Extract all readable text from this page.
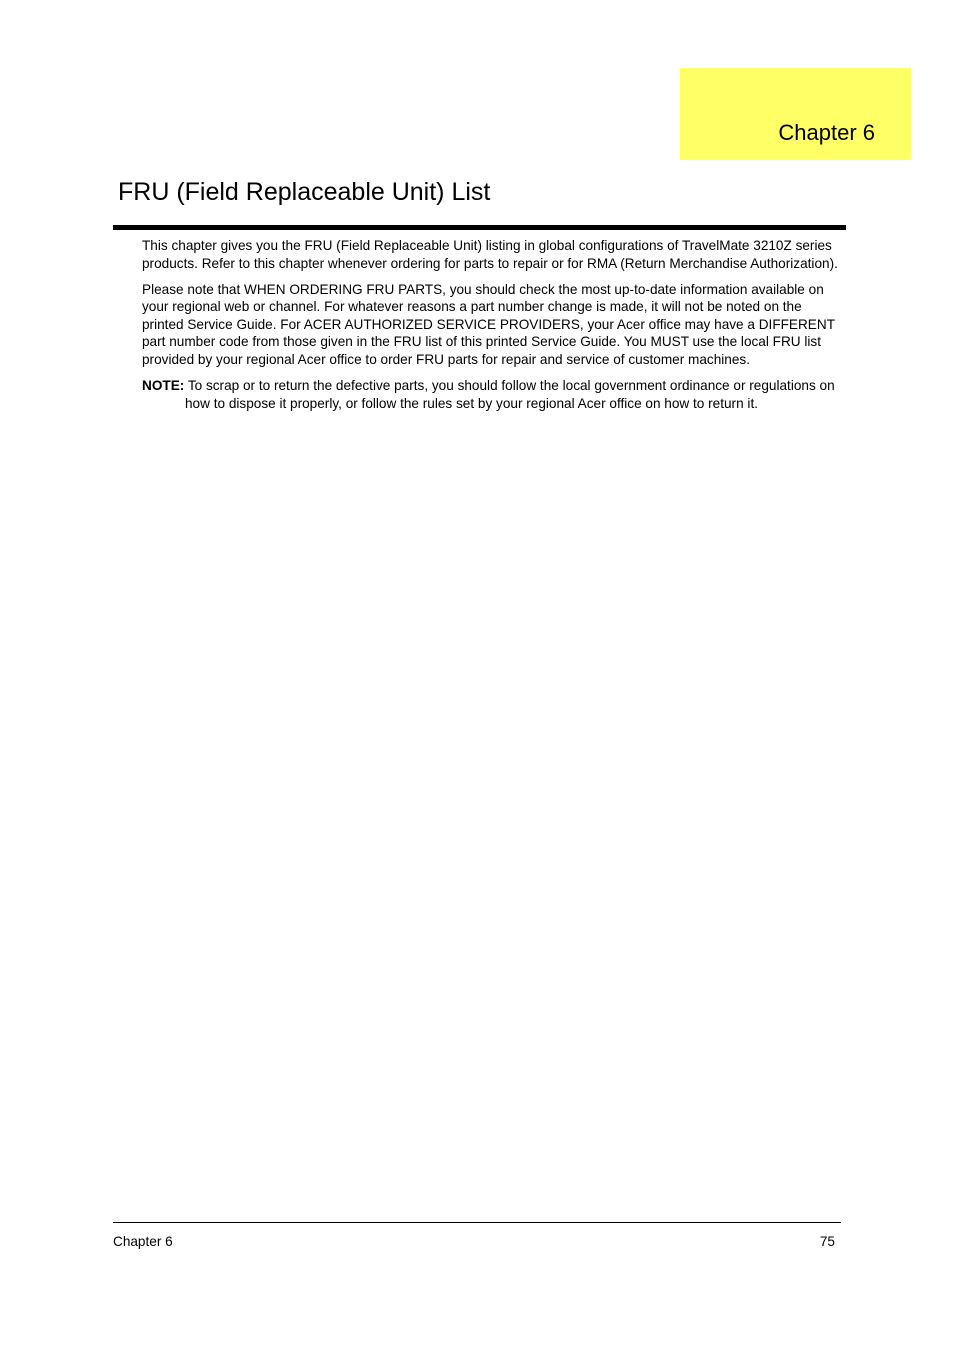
Chapter 6
FRU (Field Replaceable Unit) List

This chapter gives you the FRU (Field Replaceable Unit) listing in global configurations of TravelMate 3210Z series products. Refer to this chapter whenever ordering for parts to repair or for RMA (Return Merchandise Authorization).

Please note that WHEN ORDERING FRU PARTS, you should check the most up-to-date information available on your regional web or channel. For whatever reasons a part number change is made, it will not be noted on the printed Service Guide. For ACER AUTHORIZED SERVICE PROVIDERS, your Acer office may have a DIFFERENT part number code from those given in the FRU list of this printed Service Guide. You MUST use the local FRU list provided by your regional Acer office to order FRU parts for repair and service of customer machines.

NOTE: To scrap or to return the defective parts, you should follow the local government ordinance or regulations on how to dispose it properly, or follow the rules set by your regional Acer office on how to return it.

Chapter 6	75
